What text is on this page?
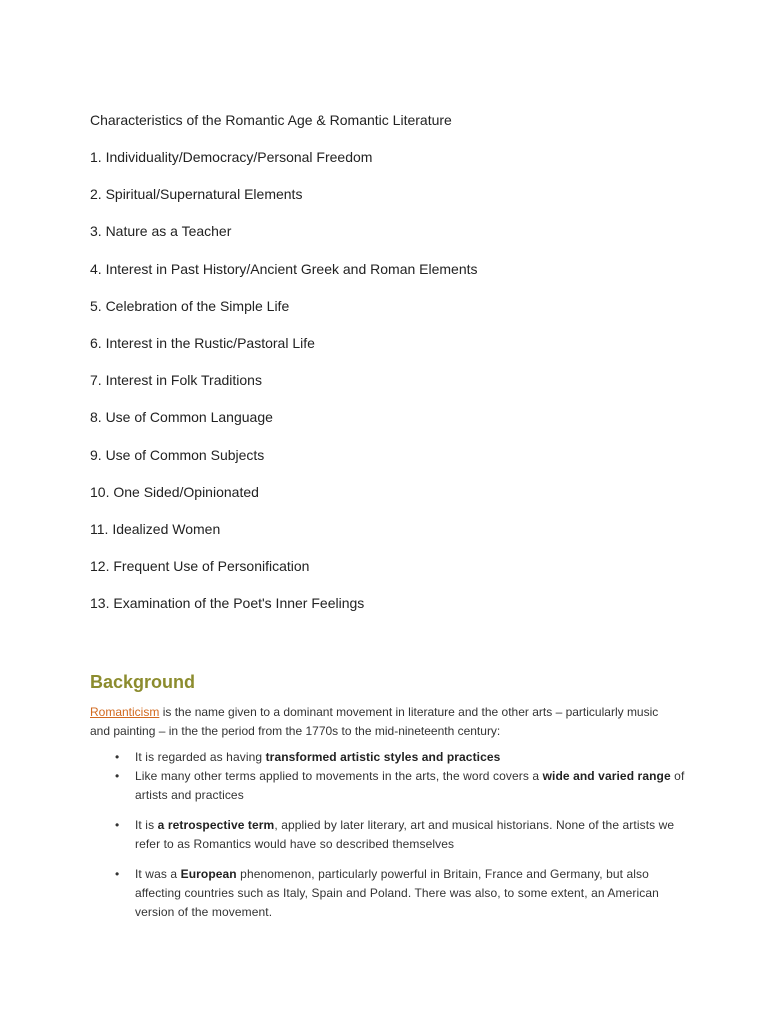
Characteristics of the Romantic Age & Romantic Literature

1. Individuality/Democracy/Personal Freedom
2. Spiritual/Supernatural Elements
3. Nature as a Teacher
4. Interest in Past History/Ancient Greek and Roman Elements
5. Celebration of the Simple Life
6. Interest in the Rustic/Pastoral Life
7. Interest in Folk Traditions
8. Use of Common Language
9. Use of Common Subjects
10. One Sided/Opinionated
11. Idealized Women
12. Frequent Use of Personification
13. Examination of the Poet's Inner Feelings
Background

Romanticism is the name given to a dominant movement in literature and the other arts – particularly music and painting – in the the period from the 1770s to the mid-nineteenth century:

• It is regarded as having transformed artistic styles and practices
• Like many other terms applied to movements in the arts, the word covers a wide and varied range of artists and practices
• It is a retrospective term, applied by later literary, art and musical historians. None of the artists we refer to as Romantics would have so described themselves
• It was a European phenomenon, particularly powerful in Britain, France and Germany, but also affecting countries such as Italy, Spain and Poland. There was also, to some extent, an American version of the movement.
